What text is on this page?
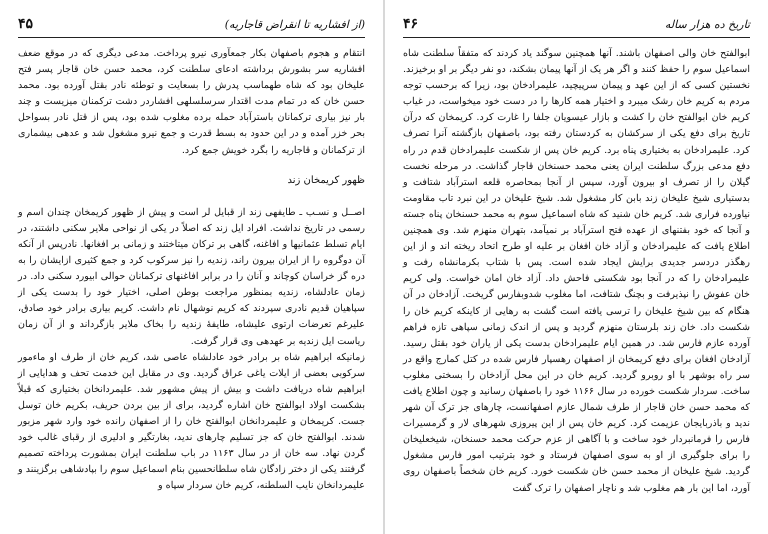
(از افشاریه تا انقراض قاجاریه)
۴۵

انتقام و هجوم باصفهان بکار جمعآوری نیرو پرداخت. مدعی دیگری که در موقع ضعف افشاریه سر بشورش برداشته ادعای سلطنت کرد، محمد حسن خان قاجار پسر فتح علیخان بود که شاه طهماسب پدرش را بسعایت و توطئه نادر بقتل آورده بود. محمد حسن خان که در تمام مدت اقتدار سرسلسلهی افشاردر دشت ترکمنان میزیست و چند بار نیز بیاری ترکمانان باسترآباد حمله برده مغلوب شده بود، پس از قتل نادر بسواحل بحر خزر آمده و در این حدود به بسط قدرت و جمع نیرو مشغول شد و عدهی بیشماری از ترکمانان و قاجاریه را بگرد خویش جمع کرد.

ظهور کریمخان زند

اصــل و نسـب ـ طایفهی زند از قبایل لر است و پیش از ظهور کریمخان چندان اسم و رسمی در تاریخ نداشت. افراد ایل زند که اصلاً در یکی از نواحی ملایر سکنی داشتند، در ایام تسلط عثمانیها و افاغنه، گاهی بر ترکان میتاختند و زمانی بر افغانها. نادرپس از آنکه آن دوگروه را از ایران بیرون راند، زندیه را نیز سرکوب کرد و جمع کثیری ازایشان را به دره گز خراسان کوچاند و آنان را در برابر افاغنهای ترکمانان حوالی ابیورد سکنی داد. در زمان عادلشاه، زندیه بمنظور مراجعت بوطن اصلی، اختیار خود را بدست یکی از سپاهیان قدیم نادری سپردند که کریم نوشهال نام داشت. کریم بیاری برادر خود صادق، علیرغم تعرضات ارتوی علیشاه، طایفهٔ زندیه را بخاک ملایر بازگرداند و از آن زمان ریاست ایل زندیه بر عهدهی وی قرار گرفت.

زمانیکه ابراهیم شاه بر برادر خود عادلشاه عاصی شد، کریم خان از طرف او ماءمور سرکوبی بعضی از ایلات یاغی عراق گردید. وی در مقابل این خدمت تحف و هدایایی از ابراهیم شاه دریافت داشت و بیش از پیش مشهور شد. علیمردانخان بختیاری که قبلاً بشکست اولاد ابوالفتح خان اشاره گردید، برای از بین بردن حریف، بکریم خان توسل جست. کریمخان و علیمردانخان ابوالفتح خان را از اصفهان رانده خود وارد شهر مزبور شدند. ابوالفتح خان که جز تسلیم چارهای ندید، بغارتگیر و ادلیری از رقبای غالب خود گردن نهاد. سه خان از در سال ۱۱۶۳ در باب سلطنت ایران بمشورت پرداخته تصمیم گرفتند یکی از دختر زادگان شاه سلطانحسین بنام اسماعیل سوم را بپادشاهی برگزینند و علیمردانخان نایب السلطنه، کریم خان سردار سپاه و

تاریخ ده هزار ساله
۴۶

ابوالفتح خان والی اصفهان باشند. آنها همچنین سوگند یاد کردند که متفقاً سلطنت شاه اسماعیل سوم را حفظ کنند و اگر هر یک از آنها پیمان بشکند، دو نفر دیگر بر او برخیزند. نخستین کسی که از این عهد و پیمان سرپیچید، علیمرادخان بود، زیرا که برحسب توجه مردم به کریم خان رشک میبرد و اختیار همه کارها را در دست خود میخواست، در غیاب کریم خان ابوالفتح خان را کشت و بازار عیسویان جلفا را غارت کرد. کریمخان که درآن تاریخ برای دفع یکی از سرکشان به کردستان رفته بود، باصفهان بازگشته آنرا تصرف کرد. علیمرادخان به بختیاری پناه برد. کریم خان پس از شکست علیمرادخان قدم در راه دفع مدعی بزرگ سلطنت ایران یعنی محمد حسنخان قاجار گذاشت. در مرحله نخست گیلان را از تصرف او بیرون آورد، سپس از آنجا بمحاصره قلعه استرآباد شتافت و بدستیاری شیخ علیخان زند بابن کار مشغول شد. شیخ علیخان در این نبرد تاب مقاومت نیاورده فراری شد. کریم خان شنید که شاه اسماعیل سوم به محمد حسنخان پناه جسته و آنجا که خود بفتنهای از عهده فتح استرآباد بر نمیآمد، بتهران منهزم شد. وی همچنین اطلاع یافت که علیمرادخان و آزاد خان افغان بر علیه او طرح اتحاد ریخته اند و از این رهگذر دردسر جدیدی برایش ایجاد شده است. پس با شتاب بکرمانشاه رفت و علیمرادخان را که در آنجا بود شکستی فاحش داد. آزاد خان امان خواست. ولی کریم خان عفوش را نپذیرفت و بچنگ شتافت، اما مغلوب شدوبفارس گریخت. آزادخان در آن هنگام که بین شیخ علیخان را ترسی یافته است گشت به رهایی از کاینکه کریم خان را شکست داد. خان زند بلرستان منهزم گردید و پس از اندک زمانی سپاهی تازه فراهم آورده عازم فارس شد. در همین ایام علیمرادخان بدست یکی از یاران خود بقتل رسید. آزادخان افغان برای دفع کریمخان از اصفهان رهسپار فارس شده در کتل کمارج واقع در سر راه بوشهر با او روبرو گردید. کریم خان در این محل آزادخان را بسختی مغلوب ساخت. سردار شکست خورده در سال ۱۱۶۶ خود را باصفهان رسانید و چون اطلاع یافت که محمد حسن خان قاجار از طرف شمال عازم اصفهانست، چارهای جز ترک آن شهر ندید و باذربایجان عزیمت کرد. کریم خان پس از این پیروزی شهرهای لار و گرمسیرات فارس را فرمانبردار خود ساخت و با آگاهی از عزم حرکت محمد حسنخان، شیخعلیخان را برای جلوگیری از او به سوی اصفهان فرستاد و خود بترتیب امور فارس مشغول گردید. شیخ علیخان از محمد حسن خان شکست خورد. کریم خان شخصاً باصفهان روی آورد، اما این بار هم مغلوب شد و ناچار اصفهان را ترک گفت
